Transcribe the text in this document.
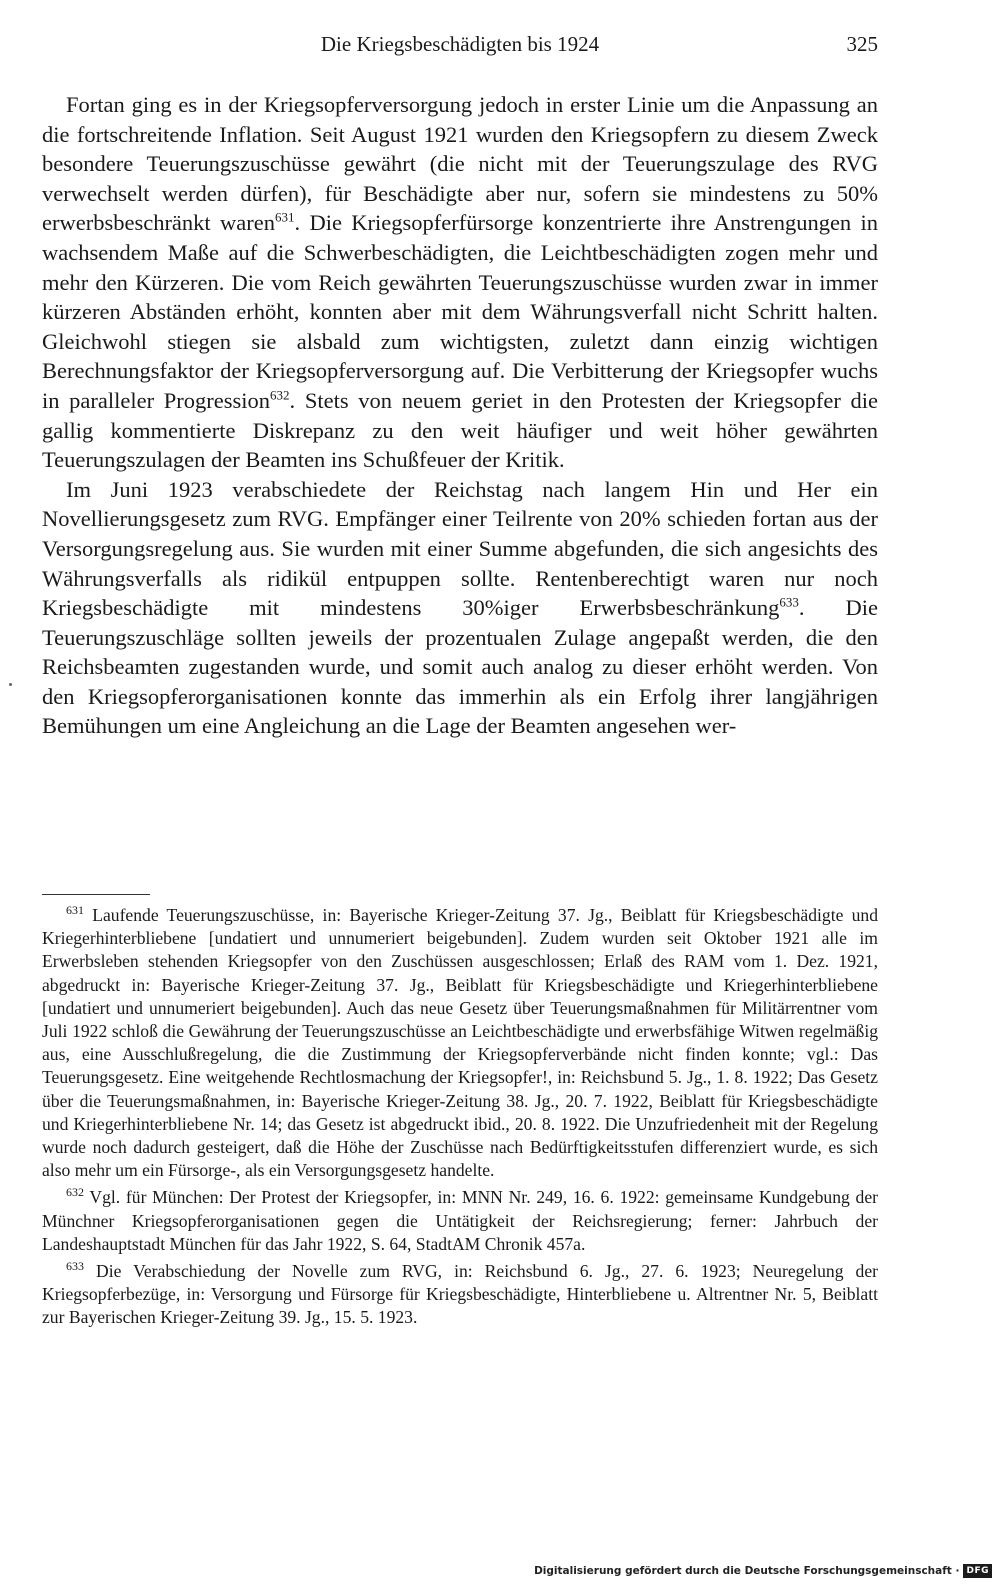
Die Kriegsbeschädigten bis 1924	325

Fortan ging es in der Kriegsopferversorgung jedoch in erster Linie um die Anpassung an die fortschreitende Inflation. Seit August 1921 wurden den Kriegsopfern zu diesem Zweck besondere Teuerungszuschüsse gewährt (die nicht mit der Teuerungszulage des RVG verwechselt werden dürfen), für Beschädigte aber nur, sofern sie mindestens zu 50% erwerbsbeschränkt waren$^{631}$. Die Kriegsopferfürsorge konzentrierte ihre Anstrengungen in wachsendem Maße auf die Schwerbeschädigten, die Leichtbeschädigten zogen mehr und mehr den Kürzeren. Die vom Reich gewährten Teuerungszuschüsse wurden zwar in immer kürzeren Abständen erhöht, konnten aber mit dem Währungsverfall nicht Schritt halten. Gleichwohl stiegen sie alsbald zum wichtigsten, zuletzt dann einzig wichtigen Berechnungsfaktor der Kriegsopferversorgung auf. Die Verbitterung der Kriegsopfer wuchs in paralleler Progression$^{632}$. Stets von neuem geriet in den Protesten der Kriegsopfer die gallig kommentierte Diskrepanz zu den weit häufiger und weit höher gewährten Teuerungszulagen der Beamten ins Schußfeuer der Kritik.

Im Juni 1923 verabschiedete der Reichstag nach langem Hin und Her ein Novellierungsgesetz zum RVG. Empfänger einer Teilrente von 20% schieden fortan aus der Versorgungsregelung aus. Sie wurden mit einer Summe abgefunden, die sich angesichts des Währungsverfalls als ridikül entpuppen sollte. Rentenberechtigt waren nur noch Kriegsbeschädigte mit mindestens 30%iger Erwerbsbeschränkung$^{633}$. Die Teuerungszuschläge sollten jeweils der prozentualen Zulage angepaßt werden, die den Reichsbeamten zugestanden wurde, und somit auch analog zu dieser erhöht werden. Von den Kriegsopferorganisationen konnte das immerhin als ein Erfolg ihrer langjährigen Bemühungen um eine Angleichung an die Lage der Beamten angesehen wer-

$^{631}$ Laufende Teuerungszuschüsse, in: Bayerische Krieger-Zeitung 37. Jg., Beiblatt für Kriegsbeschädigte und Kriegerhinterbliebene [undatiert und unnumeriert beigebunden]. Zudem wurden seit Oktober 1921 alle im Erwerbsleben stehenden Kriegsopfer von den Zuschüssen ausgeschlossen; Erlaß des RAM vom 1. Dez. 1921, abgedruckt in: Bayerische Krieger-Zeitung 37. Jg., Beiblatt für Kriegsbeschädigte und Kriegerhinterbliebene [undatiert und unnumeriert beigebunden]. Auch das neue Gesetz über Teuerungsmaßnahmen für Militärrentner vom Juli 1922 schloß die Gewährung der Teuerungszuschüsse an Leichtbeschädigte und erwerbsfähige Witwen regelmäßig aus, eine Ausschlußregelung, die die Zustimmung der Kriegsopferverbände nicht finden konnte; vgl.: Das Teuerungsgesetz. Eine weitgehende Rechtlosmachung der Kriegsopfer!, in: Reichsbund 5. Jg., 1. 8. 1922; Das Gesetz über die Teuerungsmaßnahmen, in: Bayerische Krieger-Zeitung 38. Jg., 20. 7. 1922, Beiblatt für Kriegsbeschädigte und Kriegerhinterbliebene Nr. 14; das Gesetz ist abgedruckt ibid., 20. 8. 1922. Die Unzufriedenheit mit der Regelung wurde noch dadurch gesteigert, daß die Höhe der Zuschüsse nach Bedürftigkeitsstufen differenziert wurde, es sich also mehr um ein Fürsorge-, als ein Versorgungsgesetz handelte.

$^{632}$ Vgl. für München: Der Protest der Kriegsopfer, in: MNN Nr. 249, 16. 6. 1922: gemeinsame Kundgebung der Münchner Kriegsopferorganisationen gegen die Untätigkeit der Reichsregierung; ferner: Jahrbuch der Landeshauptstadt München für das Jahr 1922, S. 64, StadtAM Chronik 457a.

$^{633}$ Die Verabschiedung der Novelle zum RVG, in: Reichsbund 6. Jg., 27. 6. 1923; Neuregelung der Kriegsopferbezüge, in: Versorgung und Fürsorge für Kriegsbeschädigte, Hinterbliebene u. Altrentner Nr. 5, Beiblatt zur Bayerischen Krieger-Zeitung 39. Jg., 15. 5. 1923.

Digitalisierung gefördert durch die Deutsche Forschungsgemeinschaft · DFG
